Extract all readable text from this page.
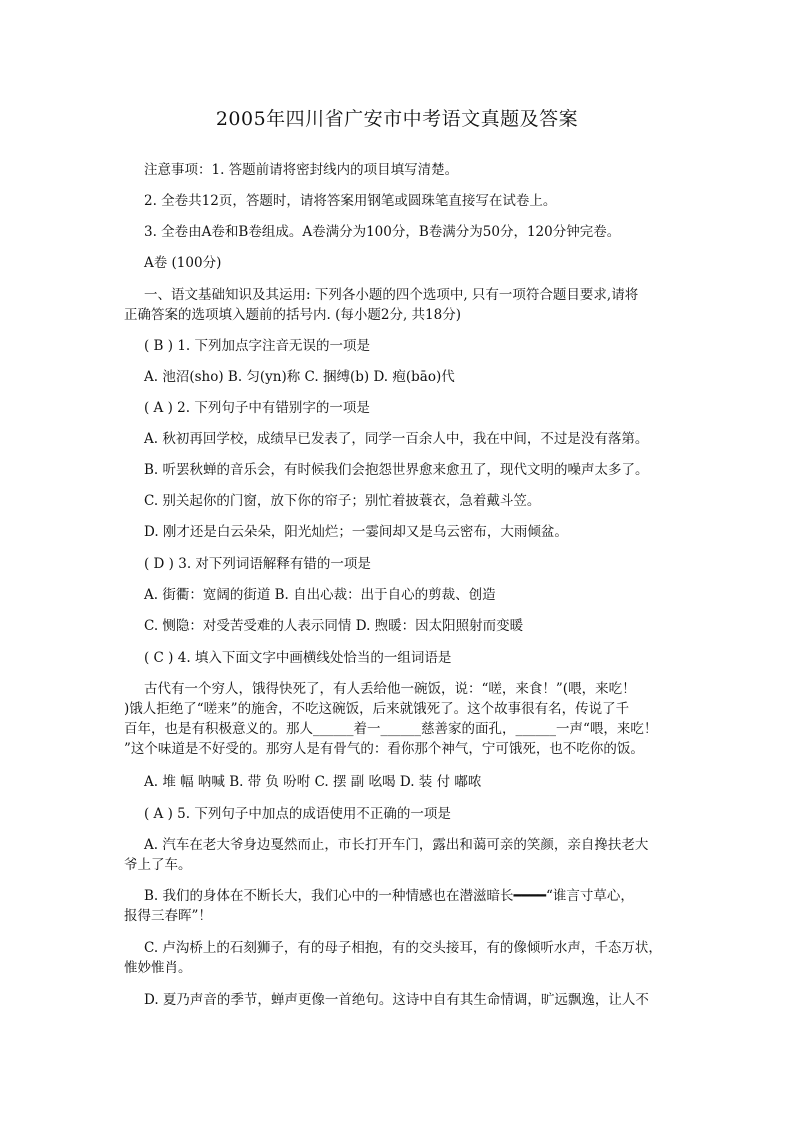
2005年四川省广安市中考语文真题及答案
注意事项：1. 答题前请将密封线内的项目填写清楚。
2. 全卷共12页，答题时，请将答案用钢笔或圆珠笔直接写在试卷上。
3. 全卷由A卷和B卷组成。A卷满分为100分，B卷满分为50分，120分钟完卷。
A卷 (100分)
一、语文基础知识及其运用: 下列各小题的四个选项中, 只有一项符合题目要求,请将
正确答案的选项填入题前的括号内. (每小题2分, 共18分)
( B ) 1. 下列加点字注音无误的一项是
A. 池沼(sho) B. 匀(yn)称 C. 捆缚(b) D. 疱(bāo)代
( A ) 2. 下列句子中有错别字的一项是
A. 秋初再回学校，成绩早已发表了，同学一百余人中，我在中间，不过是没有落第。
B. 听罢秋蝉的音乐会，有时候我们会抱怨世界愈来愈丑了，现代文明的噪声太多了。
C. 别关起你的门窗，放下你的帘子；别忙着披蓑衣，急着戴斗笠。
D. 刚才还是白云朵朵，阳光灿烂；一霎间却又是乌云密布，大雨倾盆。
( D ) 3. 对下列词语解释有错的一项是
A. 街衢：宽阔的街道 B. 自出心裁：出于自心的剪裁、创造
C. 恻隐：对受苦受难的人表示同情 D. 煦暖：因太阳照射而变暖
( C ) 4. 填入下面文字中画横线处恰当的一组词语是
古代有一个穷人，饿得快死了，有人丢给他一碗饭，说：“嗟，来食！”(喂，来吃！
)饿人拒绝了“嗟来”的施舍，不吃这碗饭，后来就饿死了。这个故事很有名，传说了千
百年，也是有积极意义的。那人______着一______慈善家的面孔，______一声“喂，来吃！
”这个味道是不好受的。那穷人是有骨气的：看你那个神气，宁可饿死，也不吃你的饭。
A. 堆 幅 呐喊 B. 带 负 吩咐 C. 摆 副 吆喝 D. 装 付 嘟哝
( A ) 5. 下列句子中加点的成语使用不正确的一项是
A. 汽车在老大爷身边戛然而止，市长打开车门，露出和蔼可亲的笑颜，亲自搀扶老大
爷上了车。
B. 我们的身体在不断长大，我们心中的一种情感也在潜滋暗长━━━━“谁言寸草心，
报得三春晖”！
C. 卢沟桥上的石刻狮子，有的母子相抱，有的交头接耳，有的像倾听水声，千态万状，
惟妙惟肖。
D. 夏乃声音的季节，蝉声更像一首绝句。这诗中自有其生命情调，旷远飘逸，让人不
